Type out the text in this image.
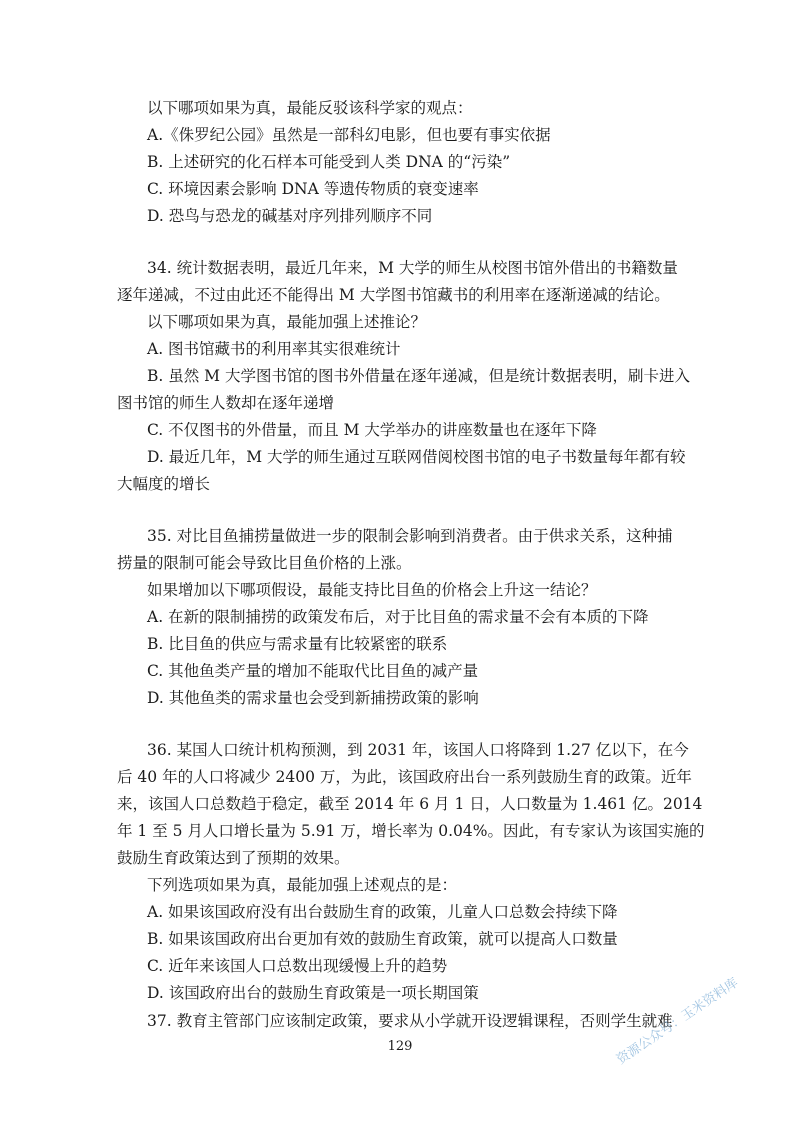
以下哪项如果为真，最能反驳该科学家的观点：
A.《侏罗纪公园》虽然是一部科幻电影，但也要有事实依据
B. 上述研究的化石样本可能受到人类 DNA 的“污染”
C. 环境因素会影响 DNA 等遗传物质的衰变速率
D. 恐鸟与恐龙的碱基对序列排列顺序不同
34. 统计数据表明，最近几年来，M 大学的师生从校图书馆外借出的书籍数量
逐年递减，不过由此还不能得出 M 大学图书馆藏书的利用率在逐渐递减的结论。
以下哪项如果为真，最能加强上述推论？
A. 图书馆藏书的利用率其实很难统计
B. 虽然 M 大学图书馆的图书外借量在逐年递减，但是统计数据表明，刷卡进入
图书馆的师生人数却在逐年递增
C. 不仅图书的外借量，而且 M 大学举办的讲座数量也在逐年下降
D. 最近几年，M 大学的师生通过互联网借阅校图书馆的电子书数量每年都有较
大幅度的增长
35. 对比目鱼捕捞量做进一步的限制会影响到消费者。由于供求关系，这种捕
捞量的限制可能会导致比目鱼价格的上涨。
如果增加以下哪项假设，最能支持比目鱼的价格会上升这一结论？
A. 在新的限制捕捞的政策发布后，对于比目鱼的需求量不会有本质的下降
B. 比目鱼的供应与需求量有比较紧密的联系
C. 其他鱼类产量的增加不能取代比目鱼的减产量
D. 其他鱼类的需求量也会受到新捕捞政策的影响
36. 某国人口统计机构预测，到 2031 年，该国人口将降到 1.27 亿以下，在今
后 40 年的人口将减少 2400 万，为此，该国政府出台一系列鼓励生育的政策。近年
来，该国人口总数趋于稳定，截至 2014 年 6 月 1 日，人口数量为 1.461 亿。2014
年 1 至 5 月人口增长量为 5.91 万，增长率为 0.04%。因此，有专家认为该国实施的
鼓励生育政策达到了预期的效果。
下列选项如果为真，最能加强上述观点的是：
A. 如果该国政府没有出台鼓励生育的政策，儿童人口总数会持续下降
B. 如果该国政府出台更加有效的鼓励生育政策，就可以提高人口数量
C. 近年来该国人口总数出现缓慢上升的趋势
D. 该国政府出台的鼓励生育政策是一项长期国策
37. 教育主管部门应该制定政策，要求从小学就开设逻辑课程，否则学生就难
129	资源公众号：玉米资料库
